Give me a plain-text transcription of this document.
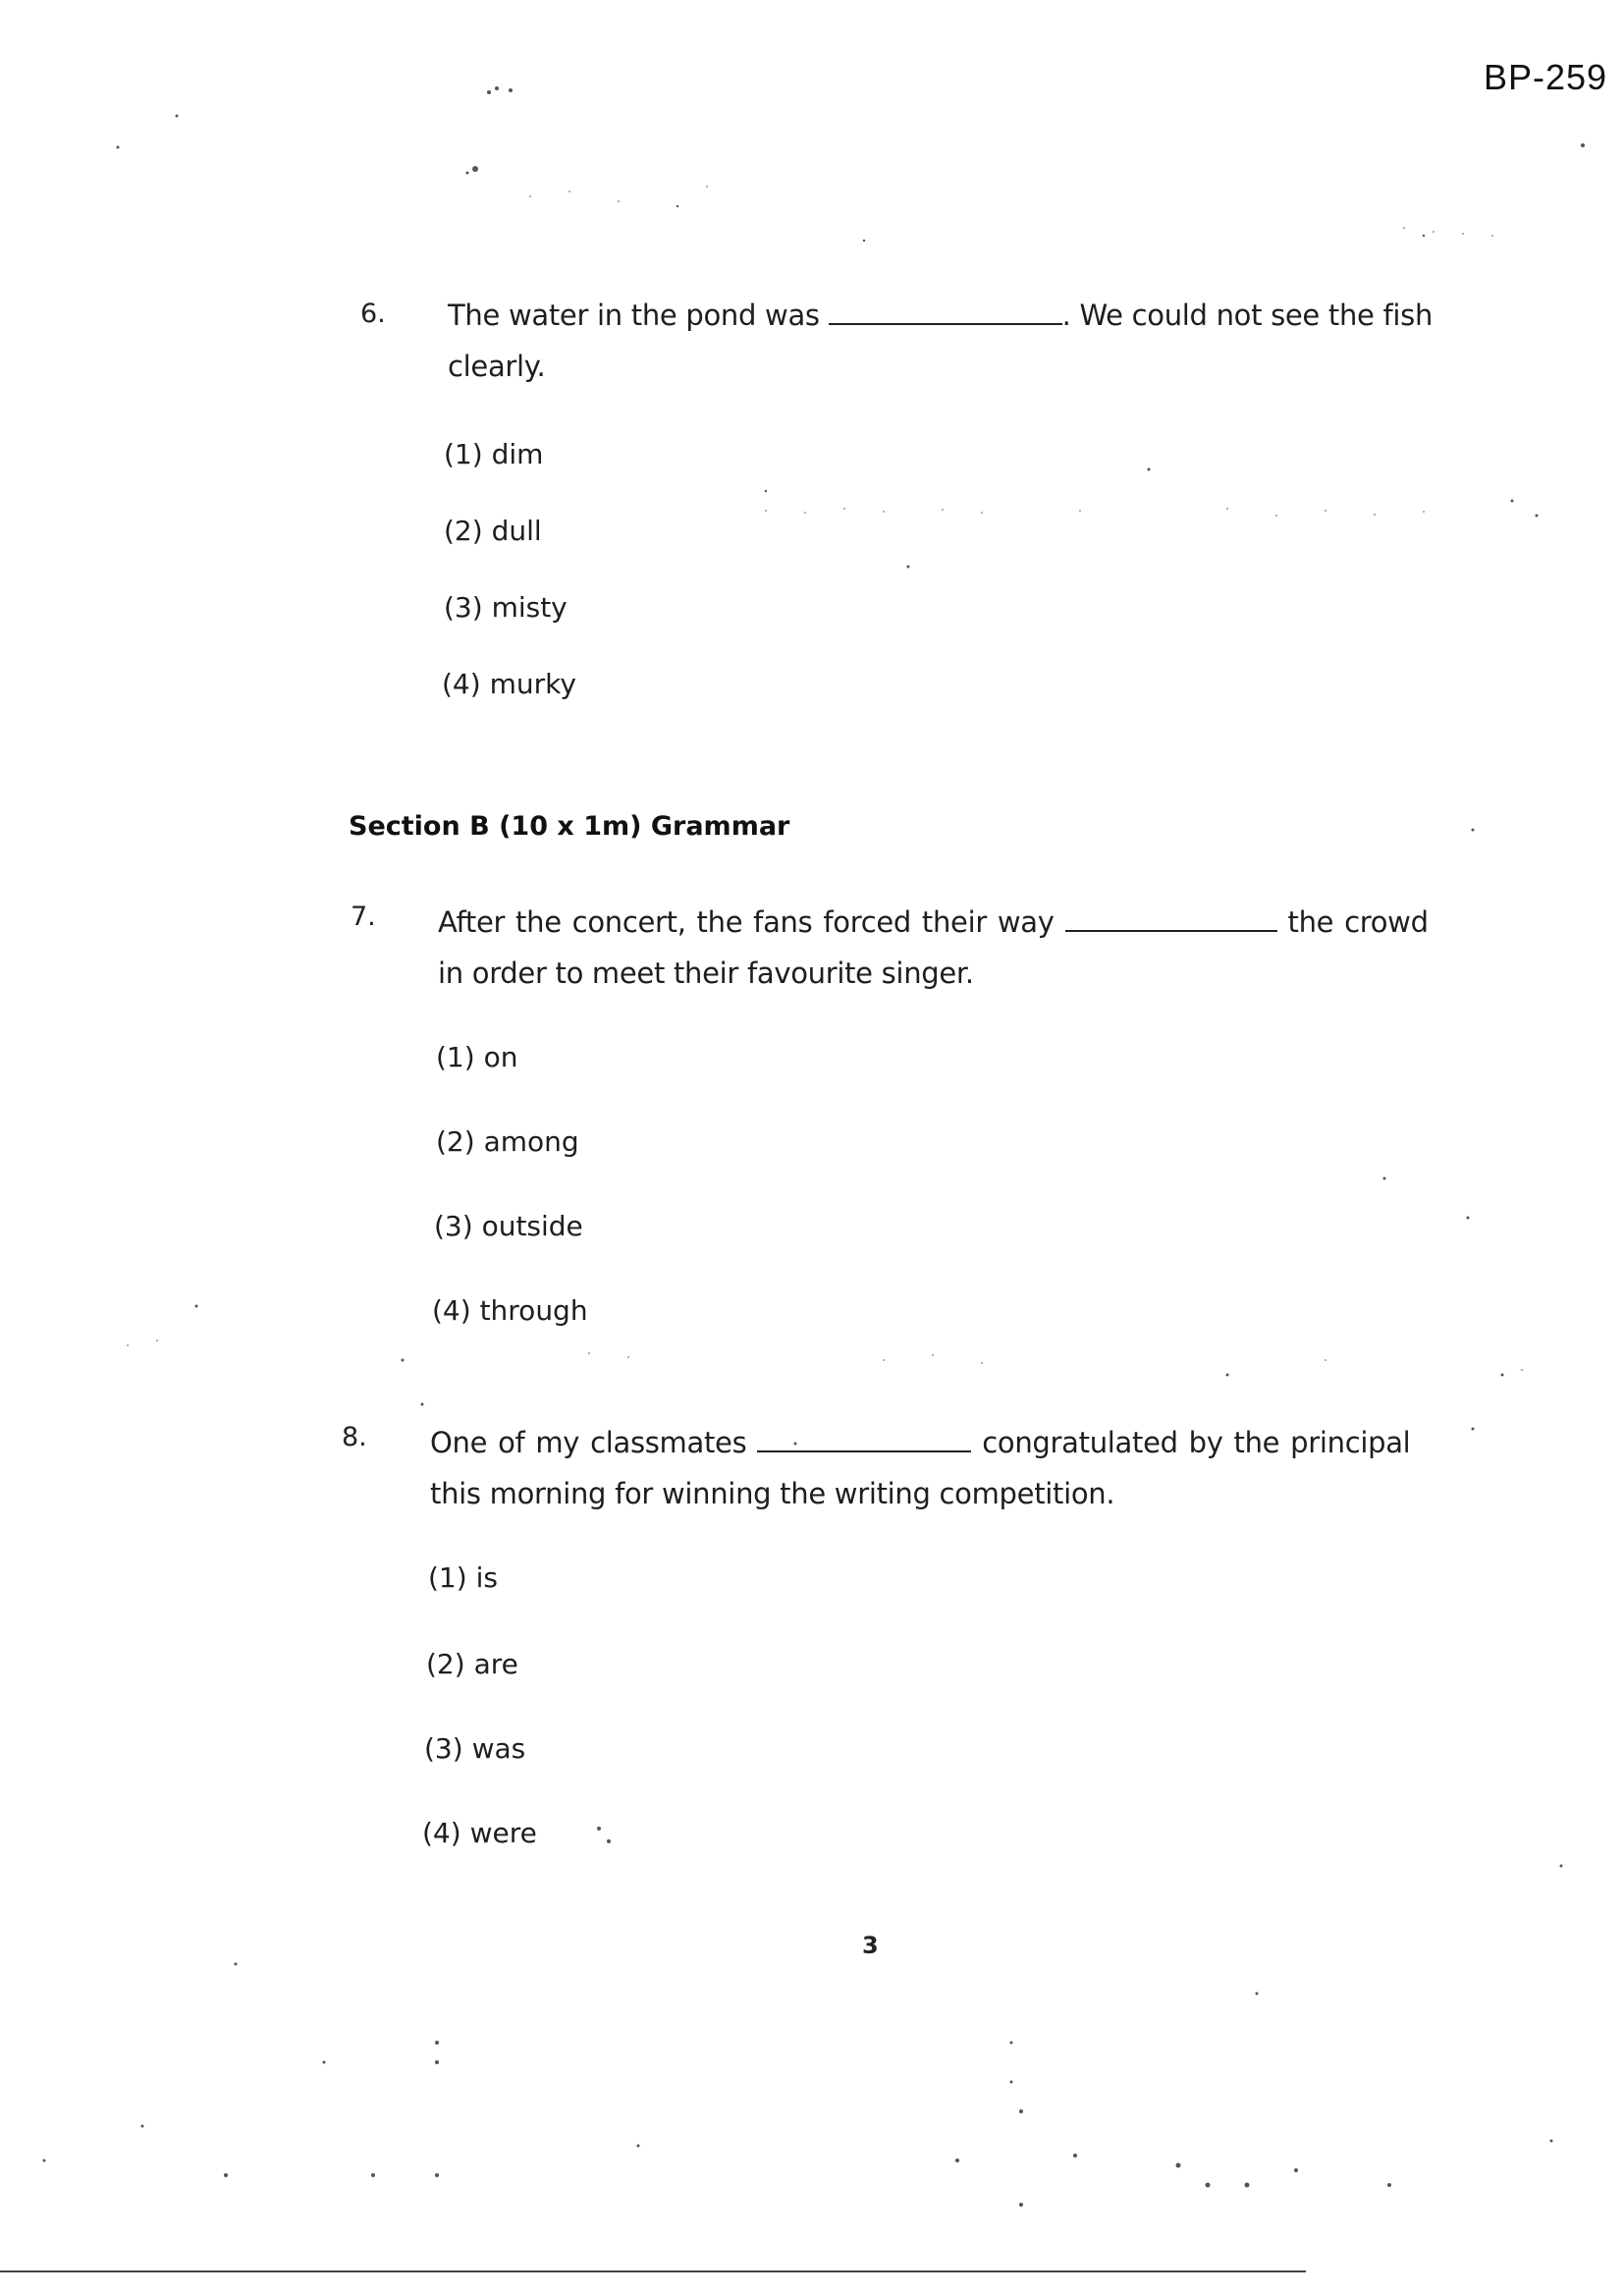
BP-259
6. The water in the pond was	. We could not see the fish
clearly.
(1) dim
(2) dull
(3) misty
(4) murky
Section B (10 x 1m) Grammar
7. After the concert, the fans forced their way	the crowd
in order to meet their favourite singer.
(1) on
(2) among
(3) outside
(4) through
8. One of my classmates	congratulated by the principal
this morning for winning the writing competition.
(1) is
(2) are
(3) was
(4) were
3
